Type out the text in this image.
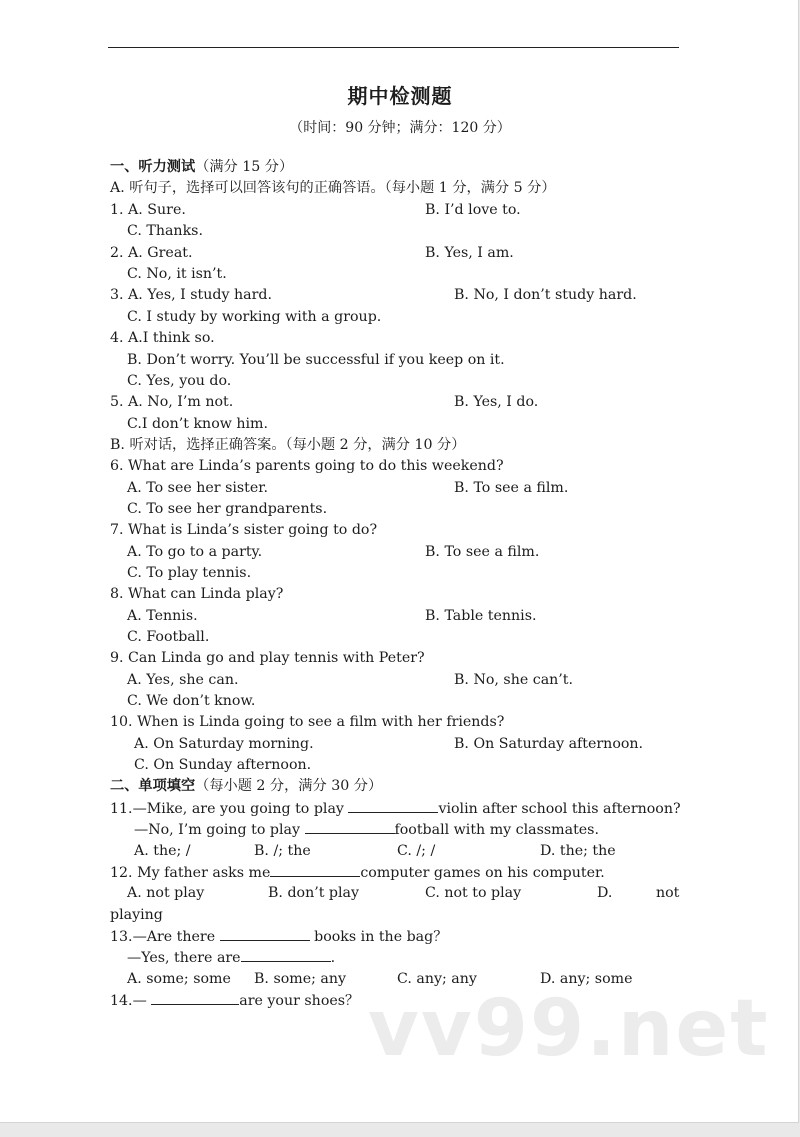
期中检测题
（时间：90 分钟；满分：120 分）
一、听力测试（满分 15 分）
A. 听句子，选择可以回答该句的正确答语。（每小题 1 分，满分 5 分）
1. A. Sure.	B. I’d love to.
C. Thanks.
2. A. Great.	B. Yes, I am.
C. No, it isn’t.
3. A. Yes, I study hard.	B. No, I don’t study hard.
C. I study by working with a group.
4. A.I think so.
B. Don’t worry. You’ll be successful if you keep on it.
C. Yes, you do.
5. A. No, I’m not.	B. Yes, I do.
C.I don’t know him.
B. 听对话，选择正确答案。（每小题 2 分，满分 10 分）
6. What are Linda’s parents going to do this weekend?
A. To see her sister.	B. To see a film.
C. To see her grandparents.
7. What is Linda’s sister going to do?
A. To go to a party.	B. To see a film.
C. To play tennis.
8. What can Linda play?
A. Tennis.	B. Table tennis.
C. Football.
9. Can Linda go and play tennis with Peter?
A. Yes, she can.	B. No, she can’t.
C. We don’t know.
10. When is Linda going to see a film with her friends?
A. On Saturday morning.	B. On Saturday afternoon.
C. On Sunday afternoon.
二、单项填空（每小题 2 分，满分 30 分）
11.—Mike, are you going to play	violin after school this afternoon?
—No, I’m going to play	football with my classmates.
A. the; /	B. /; the	C. /; /	D. the; the
12. My father asks me	computer games on his computer.
A. not play	B. don’t play	C. not to play	D.	not
playing
13.—Are there	books in the bag？
—Yes, there are	.
A. some; some B. some; any	C. any; any	D. any; some
14.—	are your shoes？ vv99.net
